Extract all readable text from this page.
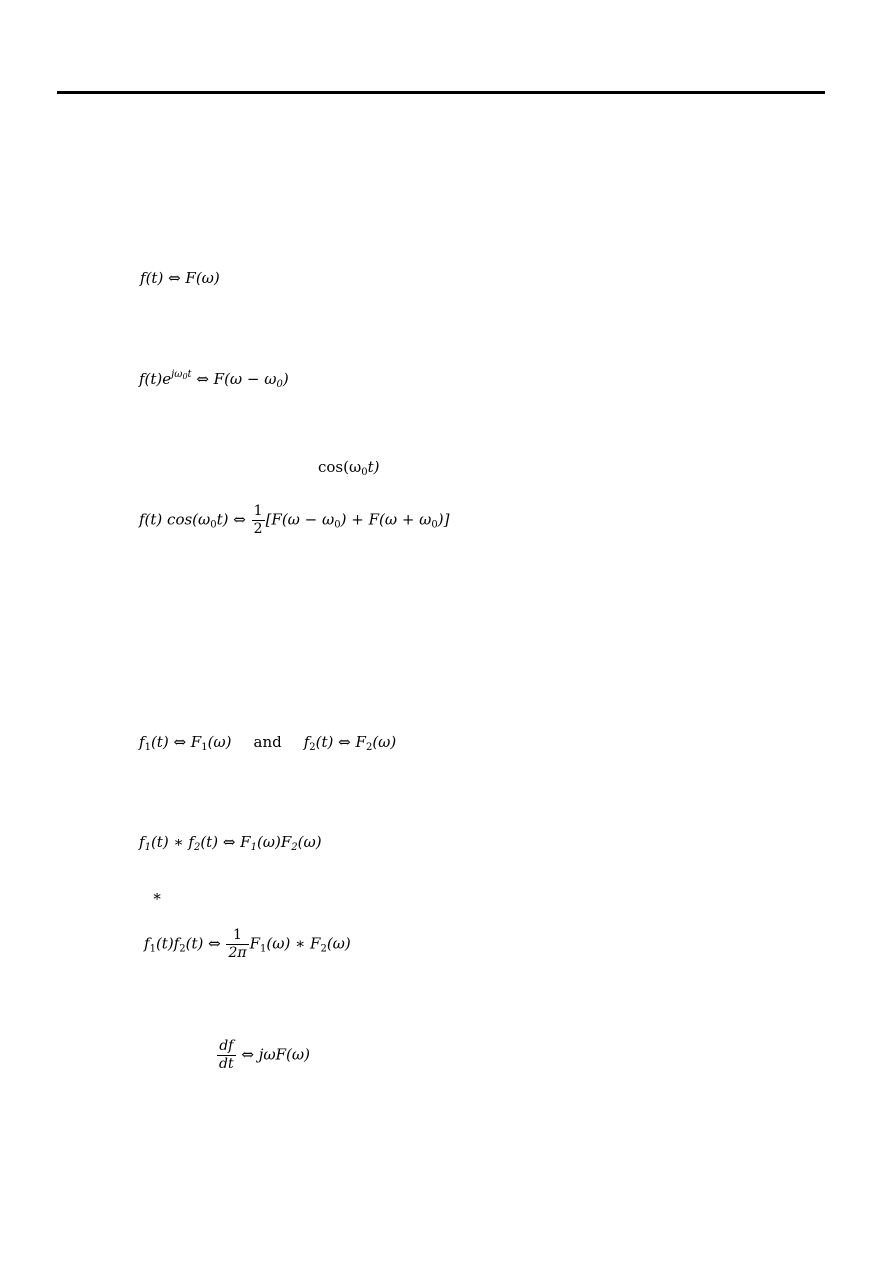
f(t) ⇔ F(ω)
$f(t)e^{j\omega_0t}$ ⇔ $F(\omega - \omega_0)$
$\cos(\omega_0t)$
f(t) $\cos(\omega_0t)$ ⇔ $\frac{1}{2} [F(\omega - \omega_0) + F(\omega + \omega_0)]$
$f_1(t)$ ⇔ $F_1(\omega)$ and $f_2(t)$ ⇔ $F_2(\omega)$
$f_1(t)$ ∗ $f_2(t)$ ⇔ $F_1(\omega)F_2(\omega)$
∗
$f_1(t)f_2(t)$ ⇔ $\frac{1}{2\pi} F_1(\omega)$ ∗ $F_2(\omega)$
$\frac{df}{dt}$ ⇔ jωF(ω)
